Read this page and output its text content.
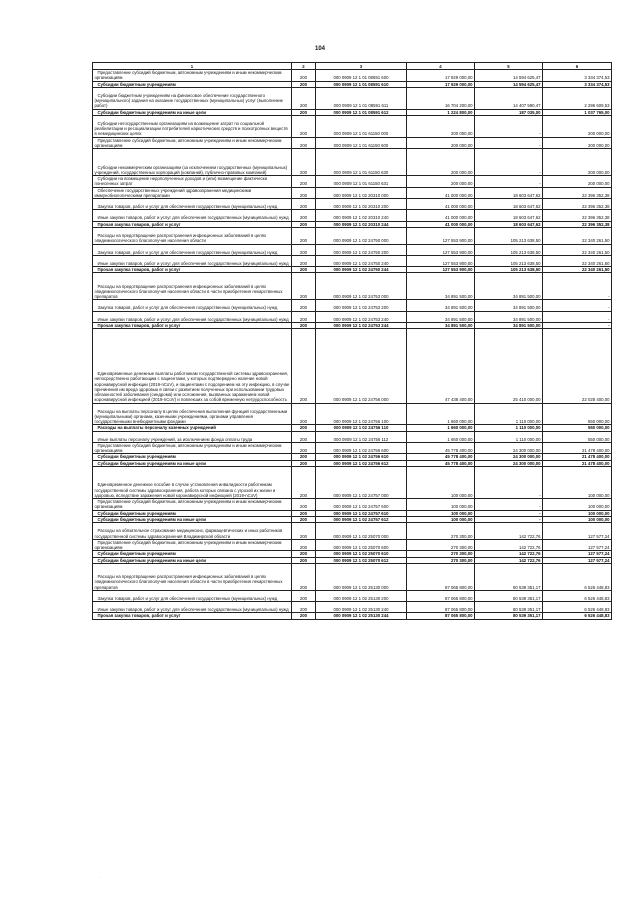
104
1	2	3	4	5	6
Предоставление субсидий бюджетным, автономным учреждениям и иным некоммерческим организациям	200	000 0909 12 1 01 08591 600	17 929 000,00	14 594 625,47	3 334 374,53
Субсидии бюджетным учреждениям	200	000 0909 12 1 01 08591 610	17 929 000,00	14 594 625,47	3 334 374,53
Субсидии бюджетным учреждениям на финансовое обеспечение государственного (муниципального) задания на оказание государственных (муниципальных) услуг (выполнение работ)	200	000 0909 12 1 01 08591 611	16 704 200,00	14 407 590,47	2 296 609,53
Субсидии бюджетным учреждениям на иные цели	200	000 0909 12 1 01 08591 612	1 224 800,00	187 035,00	1 037 765,00
Субсидии негосударственным организациям на возмещение затрат по социальной реабилитации и ресоциализации потребителей наркотических средств и психотропных веществ в немедицинских целях	200	000 0909 12 1 01 61150 000	200 000,00	-	200 000,00
Предоставление субсидий бюджетным, автономным учреждениям и иным некоммерческим организациям	200	000 0909 12 1 01 61150 600	200 000,00	-	200 000,00
Субсидии некоммерческим организациям (за исключением государственных (муниципальных) учреждений, государственных корпораций (компаний), публично-правовых компаний)	200	000 0909 12 1 01 61150 630	200 000,00	-	200 000,00
Субсидии на возмещение недополученных доходов и (или) возмещение фактически понесенных затрат	200	000 0909 12 1 01 61150 631	200 000,00	-	200 000,00
Обеспечение государственных учреждений здравоохранения медицинскими иммунобиологическими препаратами	200	000 0909 12 1 02 20310 000	41 000 000,00	18 603 647,62	22 396 352,38
Закупка товаров, работ и услуг для обеспечения государственных (муниципальных) нужд	200	000 0909 12 1 02 20310 200	41 000 000,00	18 603 647,62	22 396 352,38
Иные закупки товаров, работ и услуг для обеспечения государственных (муниципальных) нужд	200	000 0909 12 1 02 20310 240	41 000 000,00	18 603 647,62	22 396 352,38
Прочая закупка товаров, работ и услуг	200	000 0909 12 1 02 20310 244	41 000 000,00	18 603 647,62	22 396 352,38
Расходы на предотвращение распространения инфекционных заболеваний в целях эпидемиологического благополучия населения области	200	000 0909 12 1 02 24750 000	127 553 900,00	105 213 638,50	22 340 261,50
Закупка товаров, работ и услуг для обеспечения государственных (муниципальных) нужд	200	000 0909 12 1 02 24750 200	127 553 900,00	105 213 638,50	22 340 261,50
Иные закупки товаров, работ и услуг для обеспечения государственных (муниципальных) нужд	200	000 0909 12 1 02 24750 240	127 553 900,00	105 213 638,50	22 340 261,50
Прочая закупка товаров, работ и услуг	200	000 0909 12 1 02 24750 244	127 553 900,00	105 213 638,50	22 340 261,50
Расходы на предотвращение распространения инфекционных заболеваний в целях эпидемиологического благополучия населения области в части приобретения лекарственных препаратов	200	000 0909 12 1 02 24753 000	34 891 500,00	34 891 500,00	-
Закупка товаров, работ и услуг для обеспечения государственных (муниципальных) нужд	200	000 0909 12 1 02 24753 200	34 891 500,00	34 891 500,00	-
Иные закупки товаров, работ и услуг для обеспечения государственных (муниципальных) нужд	200	000 0909 12 1 02 24753 240	34 891 500,00	34 891 500,00	-
Прочая закупка товаров, работ и услуг	200	000 0909 12 1 02 24753 244	34 891 500,00	34 891 500,00	-
Единовременные денежные выплаты работникам государственной системы здравоохранения, непосредственно работающим с пациентами, у которых подтверждено наличие новой коронавирусной инфекции (2019-nCoV), и пациентами с подозрением на эту инфекцию, в случае причинения им вреда здоровью в связи с развитием полученных при использовании трудовых обязанностей заболевания (синдрома) или осложнения, вызванных заражением новой коронавирусной инфекцией (2019-nCoV) и повлекших за собой временную нетрудоспособность	200	000 0909 12 1 02 24756 000	47 438 400,00	25 410 000,00	22 028 400,00
Расходы на выплаты персоналу в целях обеспечения выполнения функций государственными (муниципальными) органами, казенными учреждениями, органами управления государственными внебюджетными фондами	200	000 0909 12 1 02 24756 100	1 660 000,00	1 110 000,00	550 000,00
Расходы на выплаты персоналу казенных учреждений	200	000 0909 12 1 02 24756 110	1 660 000,00	1 110 000,00	550 000,00
Иные выплаты персоналу учреждений, за исключением фонда оплаты труда	200	000 0909 12 1 02 24756 112	1 660 000,00	1 110 000,00	550 000,00
Предоставление субсидий бюджетным, автономным учреждениям и иным некоммерческим организациям	200	000 0909 12 1 02 24756 600	45 778 400,00	24 300 000,00	21 478 400,00
Субсидии бюджетным учреждениям	200	000 0909 12 1 02 24756 610	45 778 400,00	24 300 000,00	21 478 400,00
Субсидии бюджетным учреждениям на иные цели	200	000 0909 12 1 02 24756 612	45 778 400,00	24 300 000,00	21 478 400,00
Единовременное денежное пособие в случае установления инвалидности работникам государственной системы здравоохранения, работа которых связана с угрозой их жизни и здоровью, вследствие заражения новой коронавирусной инфекцией (2019-nCoV)	200	000 0909 12 1 02 24757 000	100 000,00	-	100 000,00
Предоставление субсидий бюджетным, автономным учреждениям и иным некоммерческим организациям	200	000 0909 12 1 02 24757 600	100 000,00	-	100 000,00
Субсидии бюджетным учреждениям	200	000 0909 12 1 02 24757 610	100 000,00	-	100 000,00
Субсидии бюджетным учреждениям на иные цели	200	000 0909 12 1 02 24757 612	100 000,00	-	100 000,00
Расходы на обязательное страхование медицинских, фармацевтических и иных работников государственной системы здравоохранения Владимирской области	200	000 0909 12 1 02 25070 000	270 300,00	142 722,76	127 577,24
Предоставление субсидий бюджетным, автономным учреждениям и иным некоммерческим организациям	200	000 0909 12 1 02 25070 600	270 300,00	142 722,76	127 577,24
Субсидии бюджетным учреждениям	200	000 0909 12 1 02 25070 610	270 300,00	142 722,76	127 577,24
Субсидии бюджетным учреждениям на иные цели	200	000 0909 12 1 02 25070 612	270 300,00	142 722,76	127 577,24
Расходы на предотвращение распространения инфекционных заболеваний в целях эпидемиологического благополучия населения области в части приобретения лекарственных препаратов	200	000 0909 12 1 02 25130 000	87 065 800,00	80 539 351,17	6 526 448,83
Закупка товаров, работ и услуг для обеспечения государственных (муниципальных) нужд	200	000 0909 12 1 02 25130 200	87 065 800,00	80 539 351,17	6 526 448,83
Иные закупки товаров, работ и услуг для обеспечения государственных (муниципальных) нужд	200	000 0909 12 1 02 25130 240	87 065 800,00	80 539 351,17	6 526 448,83
Прочая закупка товаров, работ и услуг	200	000 0909 12 1 02 25130 244	87 065 800,00	80 539 351,17	6 526 448,83
.
